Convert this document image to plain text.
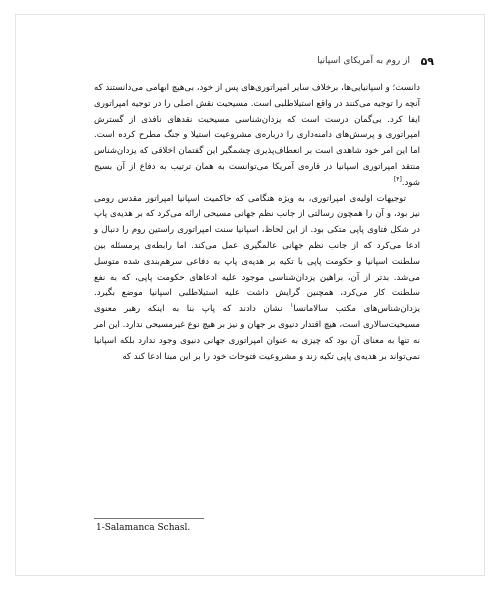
۵۹
از روم به آمریکای اسپانیا

دانست؛ و اسپانیایی‌ها، برخلاف سایر امپراتوری‌های پس از خود، بی‌هیچ ابهامی می‌دانستند که آنچه را توجیه می‌کنند در واقع استیلاطلبی است. مسیحیت نقش اصلی را در توجیه امپراتوری ایفا کرد. بی‌گمان درست است که یزدان‌شناسی مسیحیت نقدهای نافذی از گسترش امپراتوری و پرسش‌های دامنه‌داری را درباره‌ی مشروعیت استیلا و جنگ مطرح کرده است. اما این امر خود شاهدی است بر انعطاف‌پذیری چشمگیر این گفتمان اخلاقی که یزدان‌شناس منتقد امپراتوری اسپانیا در قاره‌ی آمریکا می‌توانست به همان ترتیب به دفاع از آن بسیج شود.[۴]

توجیهات اولیه‌ی امپراتوری، به ویژه هنگامی که حاکمیت اسپانیا امپراتور مقدس رومی نیز بود، و آن را همچون رسالتی از جانب نظم جهانی مسیحی ارائه می‌کرد که بر هدیه‌ی پاپ در شکل فتاوی پاپی متکی بود. از این لحاظ، اسپانیا سنت امپراتوری راستین روم را دنبال و ادعا می‌کرد که از جانب نظم جهانی عالمگیری عمل می‌کند. اما رابطه‌ی پرمسئله بین سلطنت اسپانیا و حکومت پاپی با تکیه بر هدیه‌ی پاپ به دفاعی سرهم‌بندی شده متوسل می‌شد. بدتر از آن، براهین یزدان‌شناسی موجود علیه ادعاهای حکومت پاپی، که به نفع سلطنت کار می‌کرد، همچنین گرایش داشت علیه استیلاطلبی اسپانیا موضع بگیرد. یزدان‌شناس‌های مکتب سالامانسا$^۱$ نشان دادند که پاپ بنا به اینکه رهبر معنوی مسیحیت‌سالاری است، هیچ اقتدار دنیوی بر جهان و نیز بر هیچ نوع غیرمسیحی ندارد. این امر نه تنها به معنای آن بود که چیزی به عنوان امپراتوری جهانی دنیوی وجود ندارد بلکه اسپانیا نمی‌تواند بر هدیه‌ی پاپی تکیه زند و مشروعیت فتوحات خود را بر این مبنا ادعا کند که

1-Salamanca Schasl.
